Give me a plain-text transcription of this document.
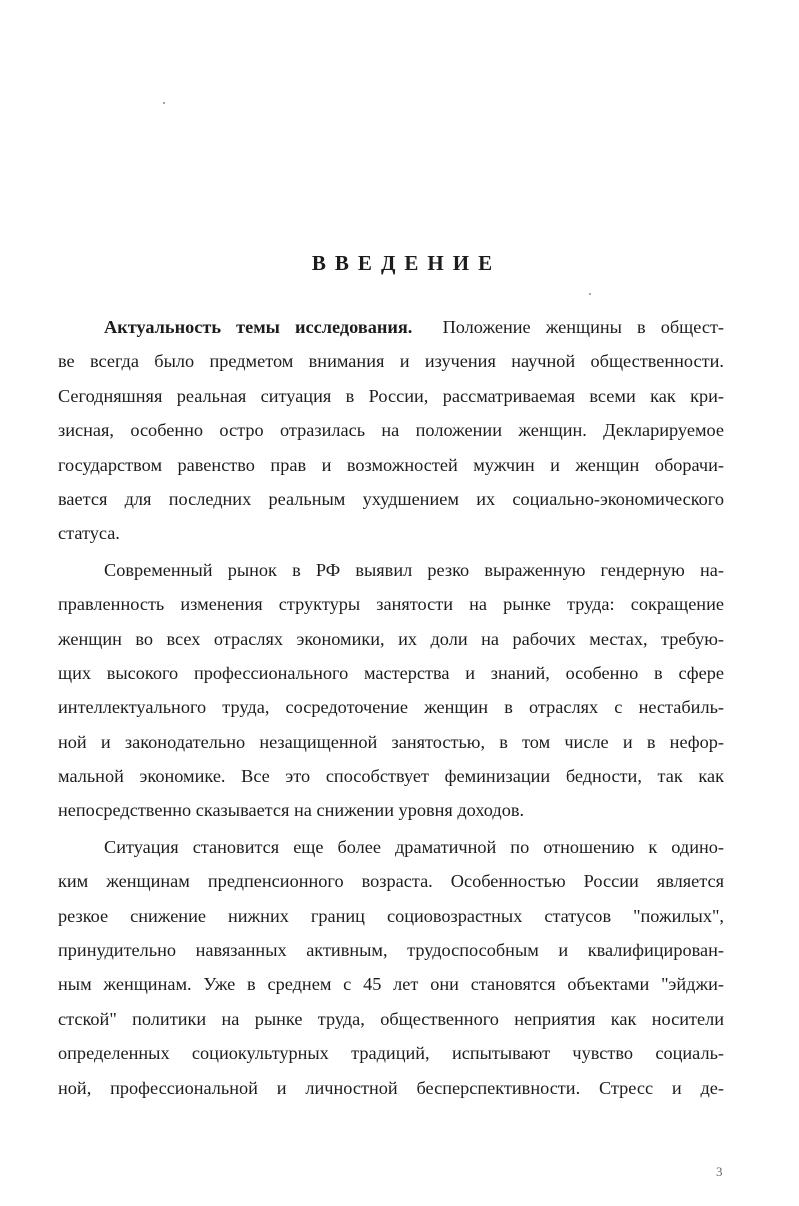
ВВЕДЕНИЕ
Актуальность темы исследования. Положение женщины в общест-
ве всегда было предметом внимания и изучения научной общественности.
Сегодняшняя реальная ситуация в России, рассматриваемая всеми как кри-
зисная, особенно остро отразилась на положении женщин. Декларируемое
государством равенство прав и возможностей мужчин и женщин оборачи-
вается для последних реальным ухудшением их социально-экономического
статуса.
Современный рынок в РФ выявил резко выраженную гендерную на-
правленность изменения структуры занятости на рынке труда: сокращение
женщин во всех отраслях экономики, их доли на рабочих местах, требую-
щих высокого профессионального мастерства и знаний, особенно в сфере
интеллектуального труда, сосредоточение женщин в отраслях с нестабиль-
ной и законодательно незащищенной занятостью, в том числе и в нефор-
мальной экономике. Все это способствует феминизации бедности, так как
непосредственно сказывается на снижении уровня доходов.
Ситуация становится еще более драматичной по отношению к одино-
ким женщинам предпенсионного возраста. Особенностью России является
резкое снижение нижних границ социовозрастных статусов "пожилых",
принудительно навязанных активным, трудоспособным и квалифицирован-
ным женщинам. Уже в среднем с 45 лет они становятся объектами "эйджи-
стской" политики на рынке труда, общественного неприятия как носители
определенных социокультурных традиций, испытывают чувство социаль-
ной, профессиональной и личностной бесперспективности. Стресс и де-
3
